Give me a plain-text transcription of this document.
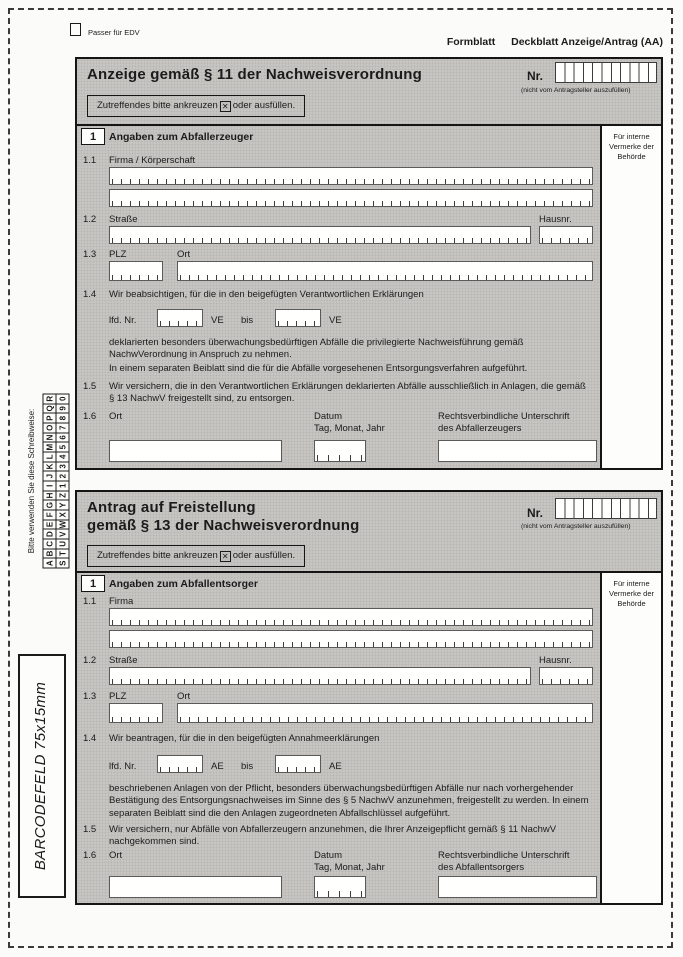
Passer für EDV
Formblatt Deckblatt Anzeige/Antrag (AA)
Anzeige gemäß § 11 der Nachweisverordnung	Nr.
(nicht vom Antragsteller auszufüllen)
Zutreffendes bitte ankreuzen ✕ oder ausfüllen.
Für interne Vermerke der Behörde
1	Angaben zum Abfallerzeuger
1.1 Firma / Körperschaft
1.2 Straße	Hausnr.
1.3 PLZ	Ort
1.4 Wir beabsichtigen, für die in den beigefügten Verantwortlichen Erklärungen
lfd. Nr.	VE bis	VE
deklarierten besonders überwachungsbedürftigen Abfälle die privilegierte Nachweisführung gemäß NachwVerordnung in Anspruch zu nehmen.
In einem separaten Beiblatt sind die für die Abfälle vorgesehenen Entsorgungsverfahren aufgeführt.
1.5 Wir versichern, die in den Verantwortlichen Erklärungen deklarierten Abfälle ausschließlich in Anlagen, die gemäß § 13 NachwV freigestellt sind, zu entsorgen.
1.6 Ort	Datum
Tag, Monat, Jahr
Rechtsverbindliche Unterschrift
des Abfallerzeugers
Antrag auf Freistellung
gemäß § 13 der Nachweisverordnung
Nr.
(nicht vom Antragsteller auszufüllen)
Zutreffendes bitte ankreuzen ✕ oder ausfüllen.
Für interne Vermerke der Behörde
1	Angaben zum Abfallentsorger
1.1 Firma
1.2 Straße	Hausnr.
1.3 PLZ	Ort
1.4 Wir beantragen, für die in den beigefügten Annahmeerklärungen
lfd. Nr.	AE bis	AE
beschriebenen Anlagen von der Pflicht, besonders überwachungsbedürftigen Abfälle nur nach vorhergehender Bestätigung des Entsorgungsnachweises im Sinne des § 5 NachwV anzunehmen, freigestellt zu werden. In einem separaten Beiblatt sind die den Anlagen zugeordneten Abfallschlüssel aufgeführt.
1.5 Wir versichern, nur Abfälle von Abfallerzeugern anzunehmen, die Ihrer Anzeigepflicht gemäß § 11 NachwV nachgekommen sind.
1.6 Ort	Datum
Tag, Monat, Jahr
Rechtsverbindliche Unterschrift
des Abfallentsorgers
Bitte verwenden Sie diese Schreibweise:
A
B
C
D
E
F
G
H
I
J
K
L
M
N
O
P
Q
R
S
T
U
V
W
X
Y
Z
1
2
3
4
5
6
7
8
9
0
BARCODEFELD 75x15mm
